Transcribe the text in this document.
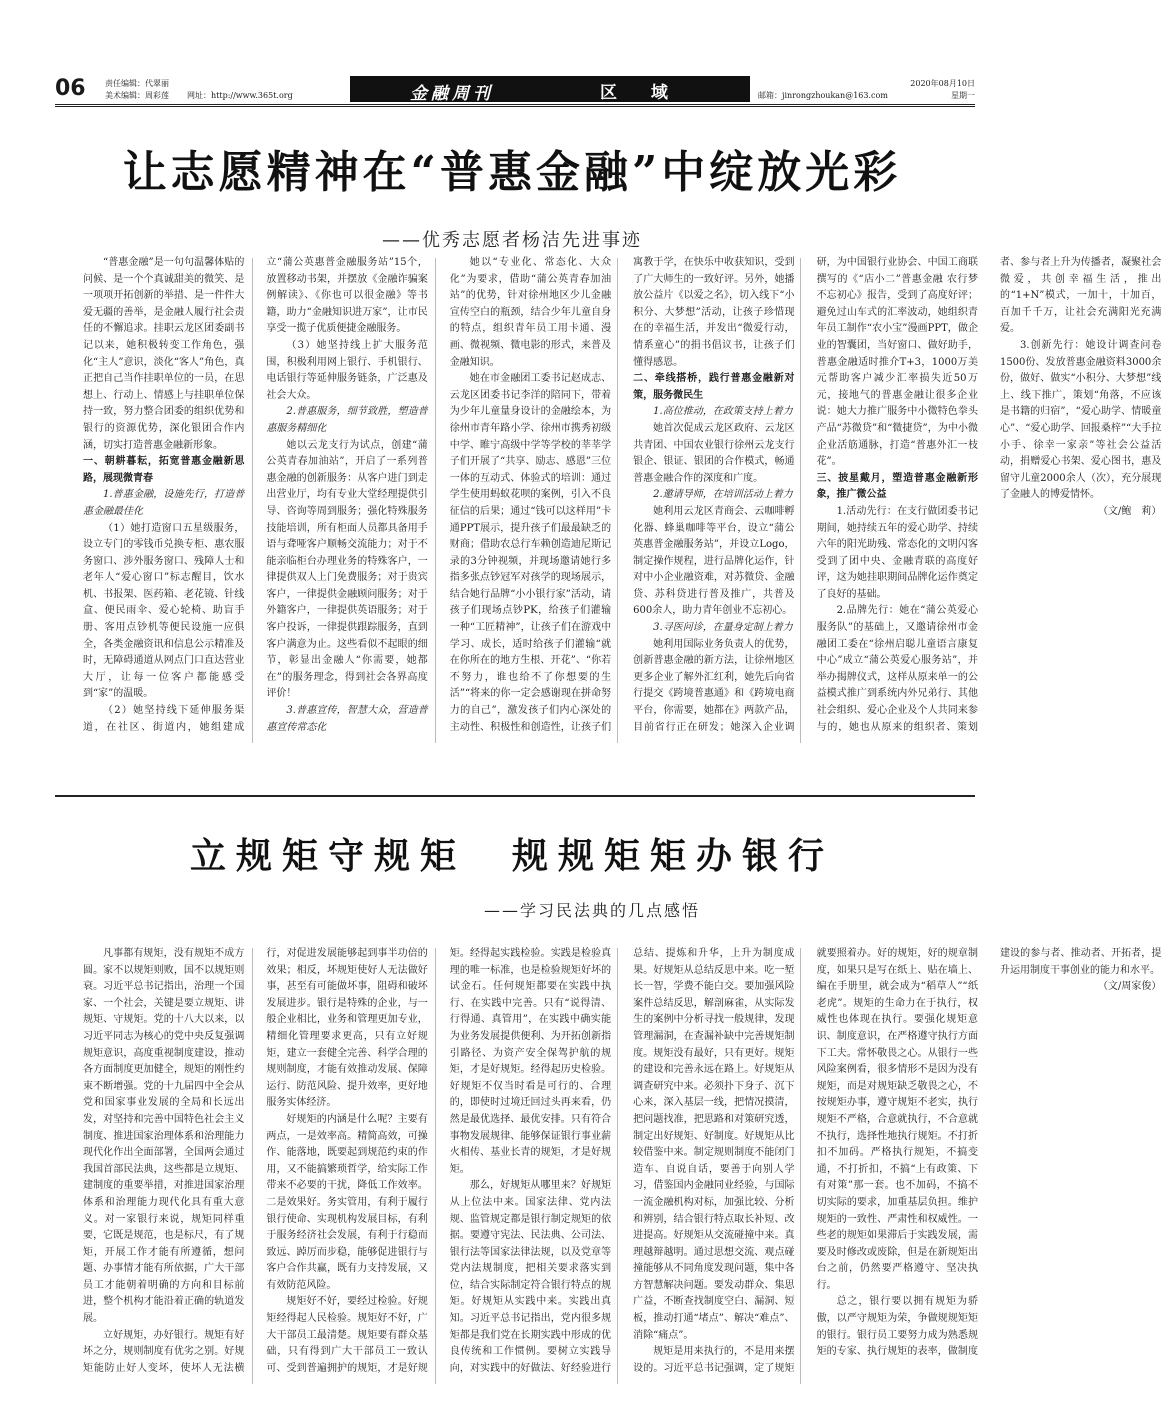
06 责任编辑：代翠丽
美术编辑：周彩莲 网址：http://www.365t.org	金融周刊	区 域	邮箱：jinrongzhoukan@163.com
2020年08月10日
星期一
让志愿精神在“普惠金融”中绽放光彩
——优秀志愿者杨洁先进事迹

“普惠金融”是一句句温馨体贴的问候、是一个个真诚甜美的微笑、是一项项开拓创新的举措、是一件件大爱无疆的善举，是金融人履行社会责任的不懈追求。挂职云龙区团委副书记以来，她积极转变工作角色，强化“主人”意识，淡化“客人”角色，真正把自己当作挂职单位的一员，在思想上、行动上、情感上与挂职单位保持一致，努力整合团委的组织优势和银行的资源优势，深化银团合作内涵，切实打造普惠金融新形象。

一、朝耕暮耘，拓宽普惠金融新思路，展现微青春

1.普惠金融，设施先行，打造普惠金融最佳化

（1）她打造窗口五星级服务，设立专门的零钱币兑换专柜、惠农服务窗口、涉外服务窗口、残障人士和老年人“爱心窗口”标志醒目，饮水机、书报架、医药箱、老花镜、针线盒、便民雨伞、爱心轮椅、助盲手册、客用点钞机等便民设施一应俱全，各类金融资讯和信息公示精准及时，无障碍通道从网点门口直达营业大厅，让每一位客户都能感受到“家”的温暖。

（2）她坚持线下延伸服务渠道，在社区、街道内，她组建成立“蒲公英惠普金融服务站”15个，放置移动书架，并摆放《金融诈骗案例解读》、《你也可以很金融》等书籍，助力“金融知识进万家”，让市民享受一揽子优质便捷金融服务。

（3）她坚持线上扩大服务范围，积极利用网上银行、手机银行、电话银行等延伸服务链条，广泛惠及社会大众。

2.普惠服务，细节致胜，塑造普惠服务精细化

她以云龙支行为试点，创建“蒲公英青春加油站”，开启了一系列普惠金融的创新服务：从客户进门到走出营业厅，均有专业大堂经理提供引导、咨询等周到服务；强化特殊服务技能培训，所有柜面人员都具备用手语与聋哑客户顺畅交流能力；对于不能亲临柜台办理业务的特殊客户，一律提供双人上门免费服务；对于贵宾客户，一律提供金融顾问服务；对于外籍客户，一律提供英语服务；对于客户投诉，一律提供跟踪服务，直到客户满意为止。这些看似不起眼的细节，彰显出金融人“你需要，她都在”的服务理念，得到社会各界高度评价！

3.普惠宣传，智慧大众，营造普惠宣传常态化

她以“专业化、常态化、大众化”为要求，借助“蒲公英青春加油站”的优势，针对徐州地区少儿金融宣传空白的瓶颈，结合少年儿童自身的特点，组织青年员工用卡通、漫画、微视频、微电影的形式，来普及金融知识。

她在市金融团工委书记赵成志、云龙区团委书记李洋的陪同下，带着为少年儿童量身设计的金融绘本，为徐州市青年路小学、徐州市携秀初级中学、睢宁高级中学等学校的莘莘学子们开展了“共享、励志、感恩”三位一体的互动式、体验式的培训：通过学生使用蚂蚁花呗的案例，引入不良征信的后果；通过“钱可以这样用”卡通PPT展示，提升孩子们最最缺乏的财商；借助农总行车赖创造迪尼斯记录的3分钟视频，并现场邀请她行多指多张点钞冠军对孩学的现场展示，结合她行品牌“小小银行家”活动，请孩子们现场点钞PK，给孩子们灌输一种“工匠精神”，让孩子们在游戏中学习、成长，适时给孩子们灌输“就在你所在的地方生根、开花”、“你若不努力，谁也给不了你想要的生活”“将来的你一定会感谢现在拼命努力的自己”，激发孩子们内心深处的主动性、积极性和创造性，让孩子们寓教于学，在快乐中收获知识，受到了广大师生的一致好评。另外，她播放公益片《以爱之名》，切入线下“小积分、大梦想”活动，让孩子珍惜现在的幸福生活，并发出“微爱行动，情系童心”的捐书倡议书，让孩子们懂得感恩。

二、牵线搭桥，践行普惠金融新对策，服务微民生

1.高位推动，在政策支持上着力

她首次促成云龙区政府、云龙区共青团、中国农业银行徐州云龙支行银企、银证、银团的合作模式，畅通普惠金融合作的深度和广度。

2.邀请导师，在培训活动上着力

她利用云龙区青商会、云咖啡孵化器、蜂巢咖啡等平台，设立“蒲公英惠普金融服务站”，并设立Logo，制定操作规程，进行品牌化运作，针对中小企业融资难，对苏微贷、金融贷、苏科贷进行普及推广，共普及600余人，助力青年创业不忘初心。

3.寻医问诊，在量身定制上着力

她利用国际业务负责人的优势，创新普惠金融的新方法，让徐州地区更多企业了解外汇红利，她先后向省行提交《跨境普惠通》和《跨境电商平台，你需要，她都在》两款产品，目前省行正在研发；她深入企业调研，为中国银行业协会、中国工商联撰写的《“店小二”普惠金融 农行梦不忘初心》报告，受到了高度好评；避免过山车式的汇率波动，她组织青年员工制作“农小宝”漫画PPT，做企业的智囊团，当好窗口、做好助手，普惠金融适时推介T+3，1000万美元帮助客户减少汇率损失近50万元，接地气的普惠金融让很多企业说：她大力推广服务中小微特色拳头产品“苏微贷”和“微捷贷”，为中小微企业活筋通脉，打造“普惠外汇一枝花”。

三、披星戴月，塑造普惠金融新形象，推广微公益

1.活动先行：在支行做团委书记期间，她持续五年的爱心助学、持续六年的阳光助残、常态化的文明闪客受到了团中央、金融青联的高度好评，这为她挂职期间品牌化运作奠定了良好的基础。

2.品牌先行：她在“蒲公英爱心服务队”的基础上，又邀请徐州市金融团工委在“徐州启聪儿童语言康复中心”成立“蒲公英爱心服务站”，并举办揭牌仪式，这样从原来单一的公益模式推广到系统内外兄弟行、其他社会组织、爱心企业及个人共同来参与的，她也从原来的组织者、策划者、参与者上升为传播者，凝聚社会微爱，共创幸福生活，推出的“1+N”模式，一加十，十加百，百加千千万，让社会充满阳光充满爱。

3.创新先行：她设计调查问卷1500份、发放普惠金融资料3000余份，做好、做实“小积分、大梦想”线上、线下推广，策划“角落，不应该是书籍的归宿”，“爱心助学、情暖童心”、“爱心助学、回报桑梓”“大手拉小手、徐幸一家亲”等社会公益活动，捐赠爱心书架、爱心图书，惠及留守儿童2000余人（次），充分展现了金融人的博爱情怀。

（文/鲍　莉）

立规矩守规矩　规规矩矩办银行
——学习民法典的几点感悟

凡事都有规矩，没有规矩不成方圆。家不以规矩则败，国不以规矩则衰。习近平总书记指出，治理一个国家、一个社会，关键是要立规矩、讲规矩、守规矩。党的十八大以来，以习近平同志为核心的党中央反复强调规矩意识，高度重视制度建设，推动各方面制度更加健全，规矩的刚性约束不断增强。党的十九届四中全会从党和国家事业发展的全局和长远出发，对坚持和完善中国特色社会主义制度、推进国家治理体系和治理能力现代化作出全面部署，全国两会通过我国首部民法典，这些都是立规矩、建制度的重要举措，对推进国家治理体系和治理能力现代化具有重大意义。对一家银行来说，规矩同样重要，它既是规范，也是标尺，有了规矩，开展工作才能有所遵循，想问题、办事情才能有所依据，广大干部员工才能朝着明确的方向和目标前进，整个机构才能沿着正确的轨道发展。

立好规矩，办好银行。规矩有好坏之分，规则制度有优劣之别。好规矩能防止好人变坏，使坏人无法横行，对促进发展能够起到事半功倍的效果；相反，坏规矩使好人无法做好事，甚至有可能做坏事，阻碍和破坏发展进步。银行是特殊的企业，与一般企业相比，业务和管理更加专业，精细化管理要求更高，只有立好规矩，建立一套健全完善、科学合理的规则制度，才能有效推动发展、保障运行、防范风险、提升效率，更好地服务实体经济。

好规矩的内涵是什么呢？主要有两点，一是效率高。精简高效，可操作、能落地，既要起到规范约束的作用，又不能搞繁琐哲学，给实际工作带来不必要的干扰，降低工作效率。二是效果好。务实管用，有利于履行银行使命、实现机构发展目标，有利于服务经济社会发展，有利于行稳而致远、踔厉而步稳，能够促进银行与客户合作共赢，既有力支持发展，又有效防范风险。

规矩好不好，要经过检验。好规矩经得起人民检验。规矩好不好，广大干部员工最清楚。规矩要有群众基础，只有得到广大干部员工一致认可、受到普遍拥护的规矩，才是好规矩。经得起实践检验。实践是检验真理的唯一标准，也是检验规矩好坏的试金石。任何规矩都要在实践中执行、在实践中完善。只有“说得清、行得通、真管用”，在实践中确实能为业务发展提供便利、为开拓创新指引路径、为资产安全保驾护航的规矩，才是好规矩。经得起历史检验。好规矩不仅当时看是可行的、合理的，即使时过境迁回过头再来看，仍然是最优选择、最优安排。只有符合事物发展规律、能够保证银行事业薪火相传、基业长青的规矩，才是好规矩。

那么，好规矩从哪里来？好规矩从上位法中来。国家法律、党内法规、监管规定都是银行制定规矩的依据。要遵守宪法、民法典、公司法、银行法等国家法律法规，以及党章等党内法规制度，把相关要求落实到位，结合实际制定符合银行特点的规矩。好规矩从实践中来。实践出真知。习近平总书记指出，党内很多规矩都是我们党在长期实践中形成的优良传统和工作惯例。要树立实践导向，对实践中的好做法、好经验进行总结、提炼和升华，上升为制度成果。好规矩从总结反思中来。吃一堑长一智，学费不能白交。要加强风险案件总结反思，解剖麻雀，从实际发生的案例中分析寻找一般规律，发现管理漏洞，在查漏补缺中完善规矩制度。规矩没有最好，只有更好。规矩的建设和完善永远在路上。好规矩从调查研究中来。必须扑下身子、沉下心来，深入基层一线，把情况摸清，把问题找准，把思路和对策研究透，制定出好规矩、好制度。好规矩从比较借鉴中来。制定规则制度不能闭门造车、自说自话，要善于向别人学习，借鉴国内金融同业经验，与国际一流金融机构对标，加强比较、分析和辨别，结合银行特点取长补短、改进提高。好规矩从交流碰撞中来。真理越辩越明。通过思想交流、观点碰撞能够从不同角度发现问题，集中各方智慧解决问题。要发动群众、集思广益，不断查找制度空白、漏洞、短板，推动打通“堵点”、解决“难点”、消除“痛点”。

规矩是用来执行的，不是用来摆设的。习近平总书记强调，定了规矩就要照着办。好的规矩，好的规章制度，如果只是写在纸上、贴在墙上、编在手册里，就会成为“稻草人”“纸老虎”。规矩的生命力在于执行，权威性也体现在执行。要强化规矩意识、制度意识，在严格遵守执行方面下工夫。常怀敬畏之心。从银行一些风险案例看，很多情形不是因为没有规矩，而是对规矩缺乏敬畏之心，不按规矩办事，遵守规矩不老实，执行规矩不严格，合意就执行，不合意就不执行，选择性地执行规矩。不打折扣不加码。严格执行规矩，不搞变通，不打折扣，不搞“上有政策、下有对策”那一套。也不加码，不搞不切实际的要求，加重基层负担。维护规矩的一致性、严肃性和权威性。一些老的规矩如果滞后于实践发展，需要及时修改或废除，但是在新规矩出台之前，仍然要严格遵守、坚决执行。

总之，银行要以拥有规矩为骄傲，以严守规矩为荣，争做规规矩矩的银行。银行员工要努力成为熟悉规矩的专家、执行规矩的表率，做制度建设的参与者、推动者、开拓者，提升运用制度干事创业的能力和水平。

（文/周家俊）
